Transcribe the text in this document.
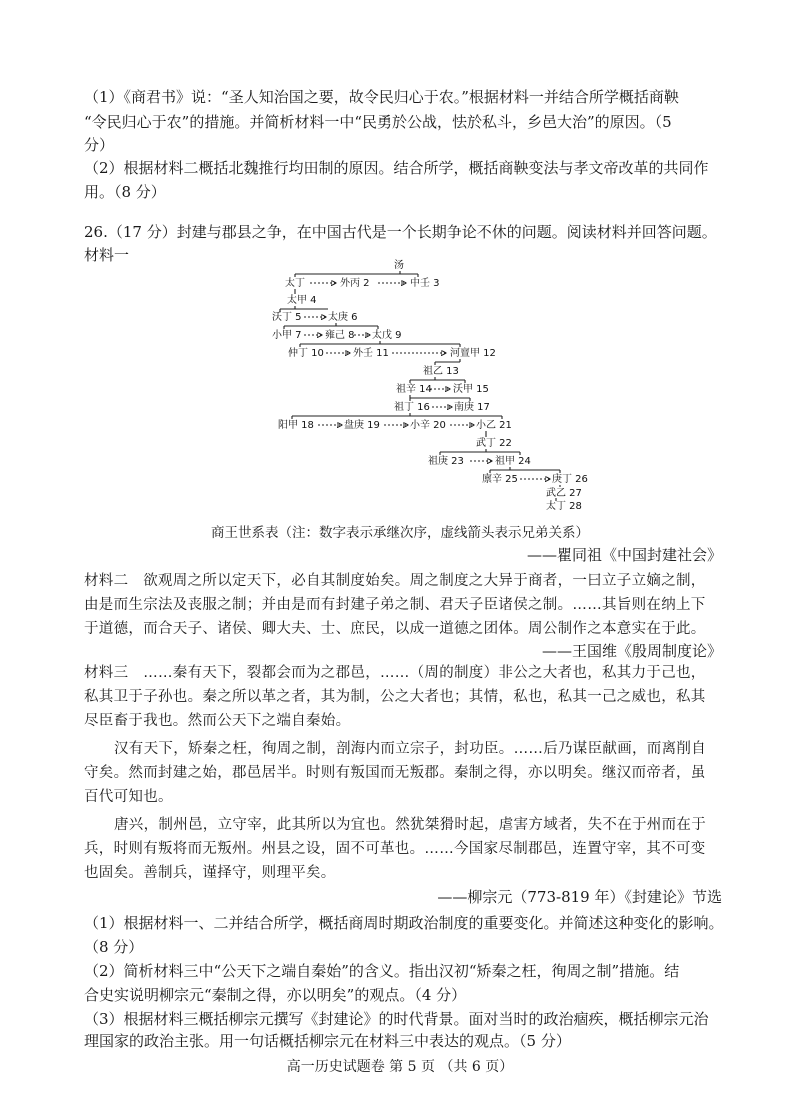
（1）《商君书》说：“圣人知治国之要，故令民归心于农。”根据材料一并结合所学概括商鞅
“令民归心于农”的措施。并简析材料一中“民勇於公战，怯於私斗，乡邑大治”的原因。（5
分）
（2）根据材料二概括北魏推行均田制的原因。结合所学，概括商鞅变法与孝文帝改革的共同作
用。（8 分）
26.（17 分）封建与郡县之争，在中国古代是一个长期争论不休的问题。阅读材料并回答问题。
材料一
汤
太丁	外丙 2	中壬 3
太甲 4
沃丁 5	太庚 6
小甲 7 雍己 8 太戊 9
仲丁 10	外壬 11	河亶甲 12
祖乙 13
祖辛 14 沃甲 15
祖丁 16 南庚 17
阳甲 18	盘庚 19	小辛 20	小乙 21
武丁 22
祖庚 23	祖甲 24
廪辛 25	庚丁 26
武乙 27
太丁 28
商王世系表（注：数字表示承继次序，虚线箭头表示兄弟关系）
——瞿同祖《中国封建社会》
材料二　欲观周之所以定天下，必自其制度始矣。周之制度之大异于商者，一曰立子立嫡之制，
由是而生宗法及丧服之制；并由是而有封建子弟之制、君天子臣诸侯之制。……其旨则在纳上下
于道德，而合天子、诸侯、卿大夫、士、庶民，以成一道德之团体。周公制作之本意实在于此。
——王国维《殷周制度论》
材料三　……秦有天下，裂都会而为之郡邑，……（周的制度）非公之大者也，私其力于己也，
私其卫于子孙也。秦之所以革之者，其为制，公之大者也；其情，私也，私其一己之威也，私其
尽臣畜于我也。然而公天下之端自秦始。
汉有天下，矫秦之枉，徇周之制，剖海内而立宗子，封功臣。……后乃谋臣献画，而离削自
守矣。然而封建之始，郡邑居半。时则有叛国而无叛郡。秦制之得，亦以明矣。继汉而帝者，虽
百代可知也。
唐兴，制州邑，立守宰，此其所以为宜也。然犹桀猾时起，虐害方域者，失不在于州而在于
兵，时则有叛将而无叛州。州县之设，固不可革也。……今国家尽制郡邑，连置守宰，其不可变
也固矣。善制兵，谨择守，则理平矣。
——柳宗元（773-819 年）《封建论》节选
（1）根据材料一、二并结合所学，概括商周时期政治制度的重要变化。并简述这种变化的影响。
（8 分）
（2）简析材料三中“公天下之端自秦始”的含义。指出汉初“矫秦之枉，徇周之制”措施。结
合史实说明柳宗元“秦制之得，亦以明矣”的观点。（4 分）
（3）根据材料三概括柳宗元撰写《封建论》的时代背景。面对当时的政治痼疾，概括柳宗元治
高一历史试题卷 第 5 页 （共 6 页）
理国家的政治主张。用一句话概括柳宗元在材料三中表达的观点。（5 分）
